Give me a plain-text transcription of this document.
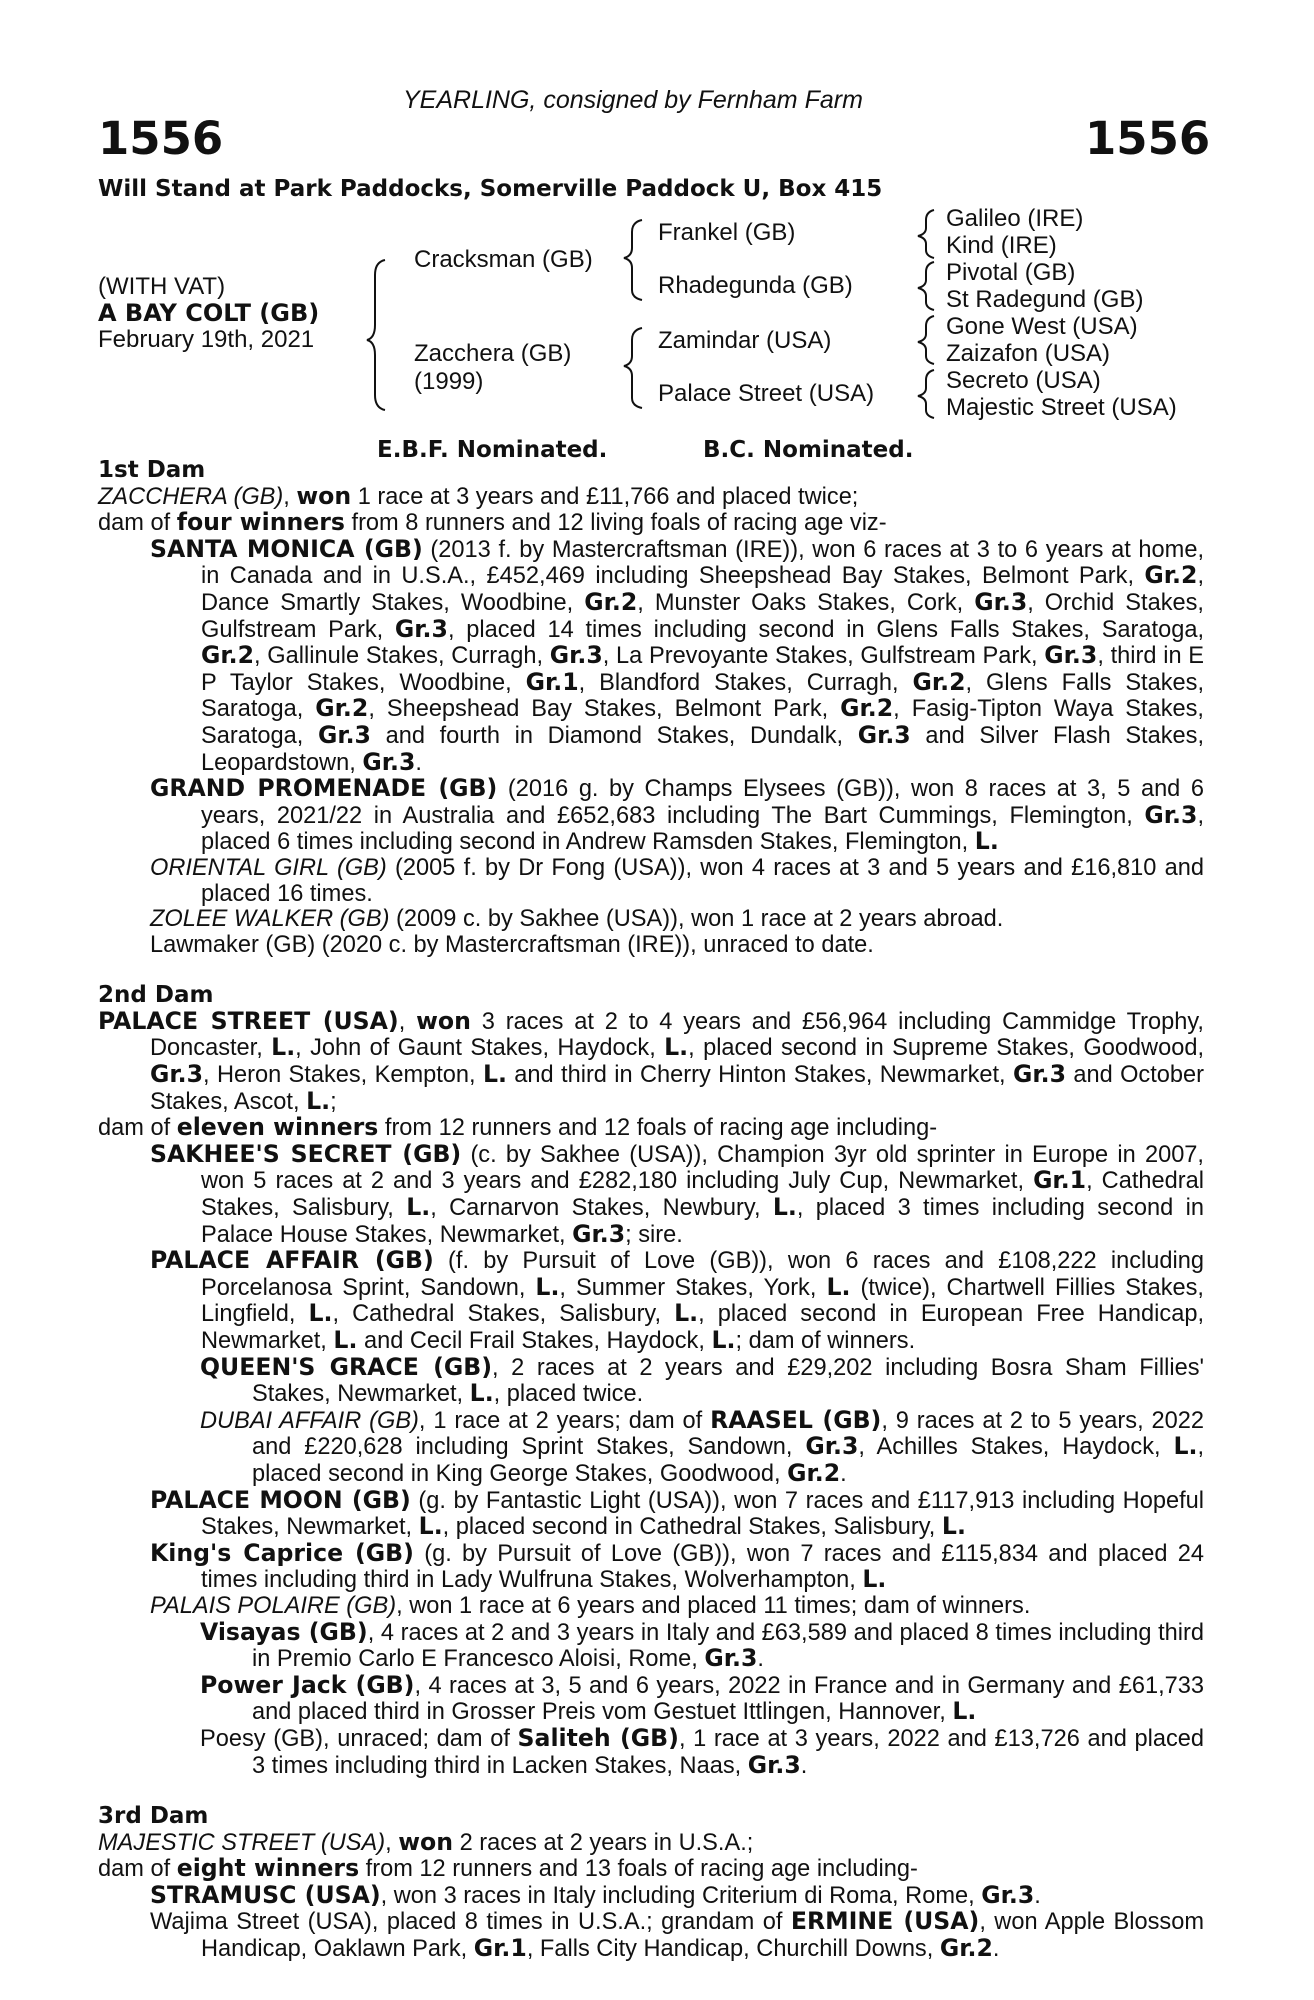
YEARLING, consigned by Fernham Farm
1556	1556
Will Stand at Park Paddocks, Somerville Paddock U, Box 415
(WITH VAT)
A BAY COLT (GB)
February 19th, 2021
Cracksman (GB)
Zacchera (GB)
(1999)
Frankel (GB)
Rhadegunda (GB)
Zamindar (USA)
Palace Street (USA)
Galileo (IRE)
Kind (IRE)
Pivotal (GB)
St Radegund (GB)
Gone West (USA)
Zaizafon (USA)
Secreto (USA)
Majestic Street (USA)
E.B.F. Nominated.	B.C. Nominated.
1st Dam
ZACCHERA (GB), won 1 race at 3 years and £11,766 and placed twice;
dam of four winners from 8 runners and 12 living foals of racing age viz-
SANTA MONICA (GB) (2013 f. by Mastercraftsman (IRE)), won 6 races at 3 to 6 years at home, in Canada and in U.S.A., £452,469 including Sheepshead Bay Stakes, Belmont Park, Gr.2, Dance Smartly Stakes, Woodbine, Gr.2, Munster Oaks Stakes, Cork, Gr.3, Orchid Stakes, Gulfstream Park, Gr.3, placed 14 times including second in Glens Falls Stakes, Saratoga, Gr.2, Gallinule Stakes, Curragh, Gr.3, La Prevoyante Stakes, Gulfstream Park, Gr.3, third in E P Taylor Stakes, Woodbine, Gr.1, Blandford Stakes, Curragh, Gr.2, Glens Falls Stakes, Saratoga, Gr.2, Sheepshead Bay Stakes, Belmont Park, Gr.2, Fasig-Tipton Waya Stakes, Saratoga, Gr.3 and fourth in Diamond Stakes, Dundalk, Gr.3 and Silver Flash Stakes, Leopardstown, Gr.3.
GRAND PROMENADE (GB) (2016 g. by Champs Elysees (GB)), won 8 races at 3, 5 and 6 years, 2021/22 in Australia and £652,683 including The Bart Cummings, Flemington, Gr.3, placed 6 times including second in Andrew Ramsden Stakes, Flemington, L.
ORIENTAL GIRL (GB) (2005 f. by Dr Fong (USA)), won 4 races at 3 and 5 years and £16,810 and placed 16 times.
ZOLEE WALKER (GB) (2009 c. by Sakhee (USA)), won 1 race at 2 years abroad.
Lawmaker (GB) (2020 c. by Mastercraftsman (IRE)), unraced to date.
2nd Dam
PALACE STREET (USA), won 3 races at 2 to 4 years and £56,964 including Cammidge Trophy, Doncaster, L., John of Gaunt Stakes, Haydock, L., placed second in Supreme Stakes, Goodwood, Gr.3, Heron Stakes, Kempton, L. and third in Cherry Hinton Stakes, Newmarket, Gr.3 and October Stakes, Ascot, L.;
dam of eleven winners from 12 runners and 12 foals of racing age including-
SAKHEE'S SECRET (GB) (c. by Sakhee (USA)), Champion 3yr old sprinter in Europe in 2007, won 5 races at 2 and 3 years and £282,180 including July Cup, Newmarket, Gr.1, Cathedral Stakes, Salisbury, L., Carnarvon Stakes, Newbury, L., placed 3 times including second in Palace House Stakes, Newmarket, Gr.3; sire.
PALACE AFFAIR (GB) (f. by Pursuit of Love (GB)), won 6 races and £108,222 including Porcelanosa Sprint, Sandown, L., Summer Stakes, York, L. (twice), Chartwell Fillies Stakes, Lingfield, L., Cathedral Stakes, Salisbury, L., placed second in European Free Handicap, Newmarket, L. and Cecil Frail Stakes, Haydock, L.; dam of winners.
QUEEN'S GRACE (GB), 2 races at 2 years and £29,202 including Bosra Sham Fillies' Stakes, Newmarket, L., placed twice.
DUBAI AFFAIR (GB), 1 race at 2 years; dam of RAASEL (GB), 9 races at 2 to 5 years, 2022 and £220,628 including Sprint Stakes, Sandown, Gr.3, Achilles Stakes, Haydock, L., placed second in King George Stakes, Goodwood, Gr.2.
PALACE MOON (GB) (g. by Fantastic Light (USA)), won 7 races and £117,913 including Hopeful Stakes, Newmarket, L., placed second in Cathedral Stakes, Salisbury, L.
King's Caprice (GB) (g. by Pursuit of Love (GB)), won 7 races and £115,834 and placed 24 times including third in Lady Wulfruna Stakes, Wolverhampton, L.
PALAIS POLAIRE (GB), won 1 race at 6 years and placed 11 times; dam of winners.
Visayas (GB), 4 races at 2 and 3 years in Italy and £63,589 and placed 8 times including third in Premio Carlo E Francesco Aloisi, Rome, Gr.3.
Power Jack (GB), 4 races at 3, 5 and 6 years, 2022 in France and in Germany and £61,733 and placed third in Grosser Preis vom Gestuet Ittlingen, Hannover, L.
Poesy (GB), unraced; dam of Saliteh (GB), 1 race at 3 years, 2022 and £13,726 and placed 3 times including third in Lacken Stakes, Naas, Gr.3.
3rd Dam
MAJESTIC STREET (USA), won 2 races at 2 years in U.S.A.;
dam of eight winners from 12 runners and 13 foals of racing age including-
STRAMUSC (USA), won 3 races in Italy including Criterium di Roma, Rome, Gr.3.
Wajima Street (USA), placed 8 times in U.S.A.; grandam of ERMINE (USA), won Apple Blossom Handicap, Oaklawn Park, Gr.1, Falls City Handicap, Churchill Downs, Gr.2.
